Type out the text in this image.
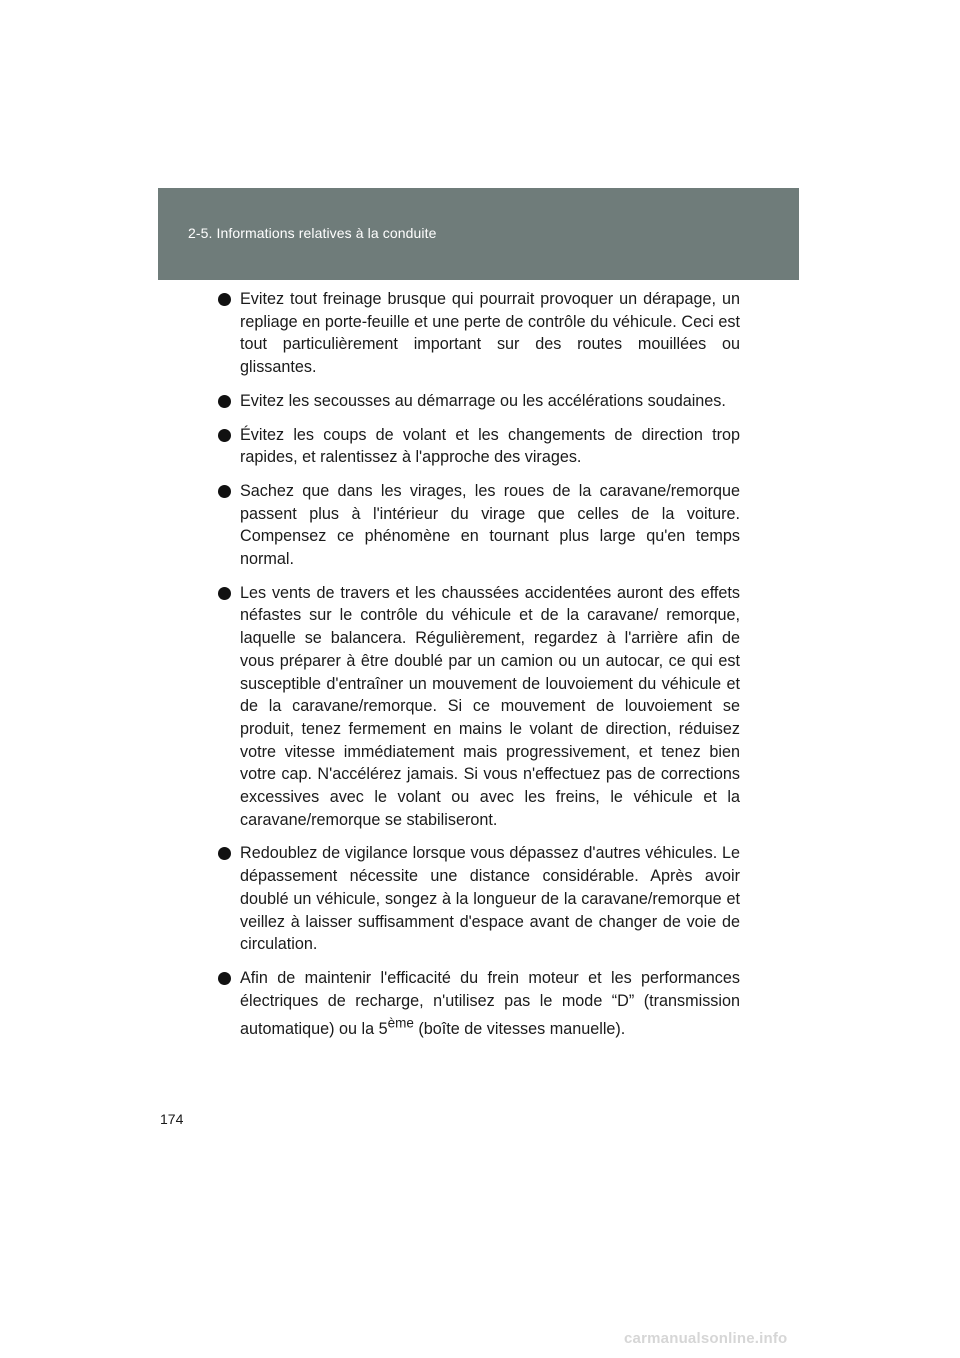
2-5. Informations relatives à la conduite
Evitez tout freinage brusque qui pourrait provoquer un dérapage, un repliage en porte-feuille et une perte de contrôle du véhicule. Ceci est tout particulièrement important sur des routes mouillées ou glissantes.
Evitez les secousses au démarrage ou les accélérations soudaines.
Évitez les coups de volant et les changements de direction trop rapides, et ralentissez à l'approche des virages.
Sachez que dans les virages, les roues de la caravane/remorque passent plus à l'intérieur du virage que celles de la voiture. Compensez ce phénomène en tournant plus large qu'en temps normal.
Les vents de travers et les chaussées accidentées auront des effets néfastes sur le contrôle du véhicule et de la caravane/ remorque, laquelle se balancera. Régulièrement, regardez à l'arrière afin de vous préparer à être doublé par un camion ou un autocar, ce qui est susceptible d'entraîner un mouvement de louvoiement du véhicule et de la caravane/remorque. Si ce mouvement de louvoiement se produit, tenez fermement en mains le volant de direction, réduisez votre vitesse immédiatement mais progressivement, et tenez bien votre cap. N'accélérez jamais. Si vous n'effectuez pas de corrections excessives avec le volant ou avec les freins, le véhicule et la caravane/remorque se stabiliseront.
Redoublez de vigilance lorsque vous dépassez d'autres véhicules. Le dépassement nécessite une distance considérable. Après avoir doublé un véhicule, songez à la longueur de la caravane/remorque et veillez à laisser suffisamment d'espace avant de changer de voie de circulation.
Afin de maintenir l'efficacité du frein moteur et les performances électriques de recharge, n'utilisez pas le mode “D” (transmission automatique) ou la 5ème (boîte de vitesses manuelle).
174
carmanualsonline.info
